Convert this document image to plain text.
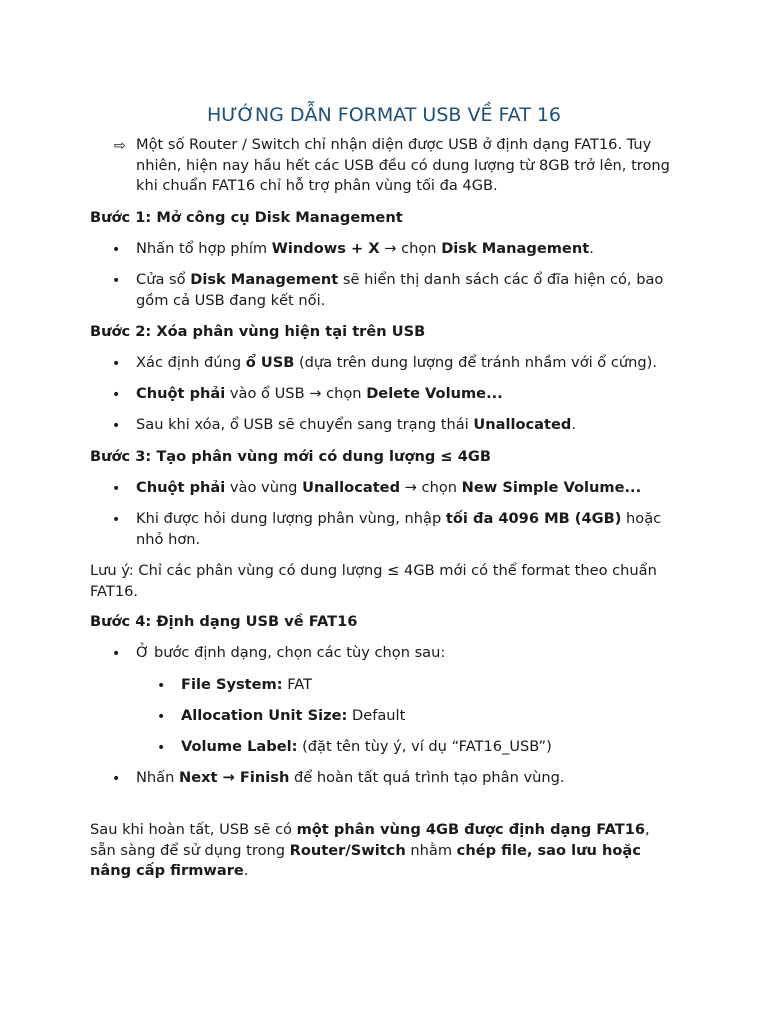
HƯỚNG DẪN FORMAT USB VỀ FAT 16
⇨ Một số Router / Switch chỉ nhận diện được USB ở định dạng FAT16. Tuy nhiên, hiện nay hầu hết các USB đều có dung lượng từ 8GB trở lên, trong khi chuẩn FAT16 chỉ hỗ trợ phân vùng tối đa 4GB.

Bước 1: Mở công cụ Disk Management

• Nhấn tổ hợp phím Windows + X → chọn Disk Management.

• Cửa sổ Disk Management sẽ hiển thị danh sách các ổ đĩa hiện có, bao gồm cả USB đang kết nối.

Bước 2: Xóa phân vùng hiện tại trên USB

• Xác định đúng ổ USB (dựa trên dung lượng để tránh nhầm với ổ cứng).

• Chuột phải vào ổ USB → chọn Delete Volume...

• Sau khi xóa, ổ USB sẽ chuyển sang trạng thái Unallocated.

Bước 3: Tạo phân vùng mới có dung lượng ≤ 4GB

• Chuột phải vào vùng Unallocated → chọn New Simple Volume...

• Khi được hỏi dung lượng phân vùng, nhập tối đa 4096 MB (4GB) hoặc nhỏ hơn.

Lưu ý: Chỉ các phân vùng có dung lượng ≤ 4GB mới có thể format theo chuẩn FAT16.

Bước 4: Định dạng USB về FAT16

• Ở bước định dạng, chọn các tùy chọn sau:

• File System: FAT

• Allocation Unit Size: Default

• Volume Label: (đặt tên tùy ý, ví dụ “FAT16_USB”)

• Nhấn Next → Finish để hoàn tất quá trình tạo phân vùng.

Sau khi hoàn tất, USB sẽ có một phân vùng 4GB được định dạng FAT16, sẵn sàng để sử dụng trong Router/Switch nhằm chép file, sao lưu hoặc nâng cấp firmware.
